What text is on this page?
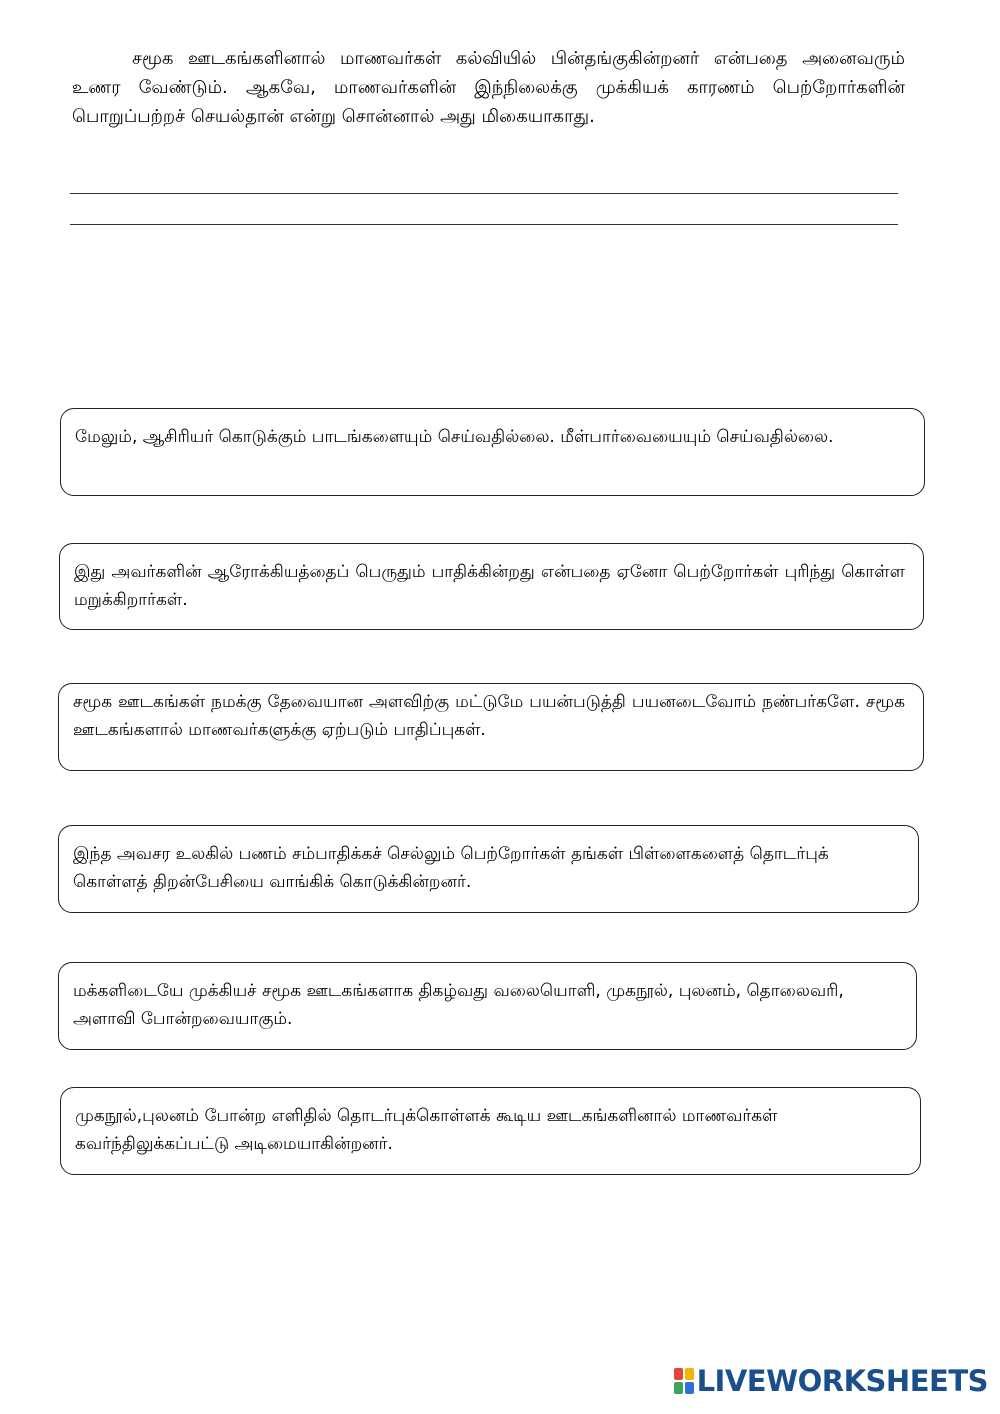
சமூக ஊடகங்களினால் மாணவர்கள் கல்வியில் பின்தங்குகின்றனர் என்பதை அனைவரும் உணர வேண்டும். ஆகவே, மாணவர்களின் இந்நிலைக்கு முக்கியக் காரணம் பெற்றோர்களின் பொறுப்பற்றச் செயல்தான் என்று சொன்னால் அது மிகையாகாது.
மேலும், ஆசிரியர் கொடுக்கும் பாடங்களையும் செய்வதில்லை. மீள்பார்வையையும் செய்வதில்லை.
இது அவர்களின் ஆரோக்கியத்தைப் பெருதும் பாதிக்கின்றது என்பதை ஏனோ பெற்றோர்கள் புரிந்து கொள்ள மறுக்கிறார்கள்.
சமூக ஊடகங்கள் நமக்கு தேவையான அளவிற்கு மட்டுமே பயன்படுத்தி பயனடைவோம் நண்பர்களே. சமூக ஊடகங்களால் மாணவர்களுக்கு ஏற்படும் பாதிப்புகள்.
இந்த அவசர உலகில் பணம் சம்பாதிக்கச் செல்லும் பெற்றோர்கள் தங்கள் பிள்ளைகளைத் தொடர்புக் கொள்ளத் திறன்பேசியை வாங்கிக் கொடுக்கின்றனர்.
மக்களிடையே முக்கியச் சமூக ஊடகங்களாக திகழ்வது வலையொளி, முகநூல், புலனம், தொலைவரி, அளாவி போன்றவையாகும்.
முகநூல்,புலனம் போன்ற எளிதில் தொடர்புக்கொள்ளக் கூடிய ஊடகங்களினால் மாணவர்கள் கவர்ந்திலுக்கப்பட்டு அடிமையாகின்றனர்.
LIVEWORKSHEETS
